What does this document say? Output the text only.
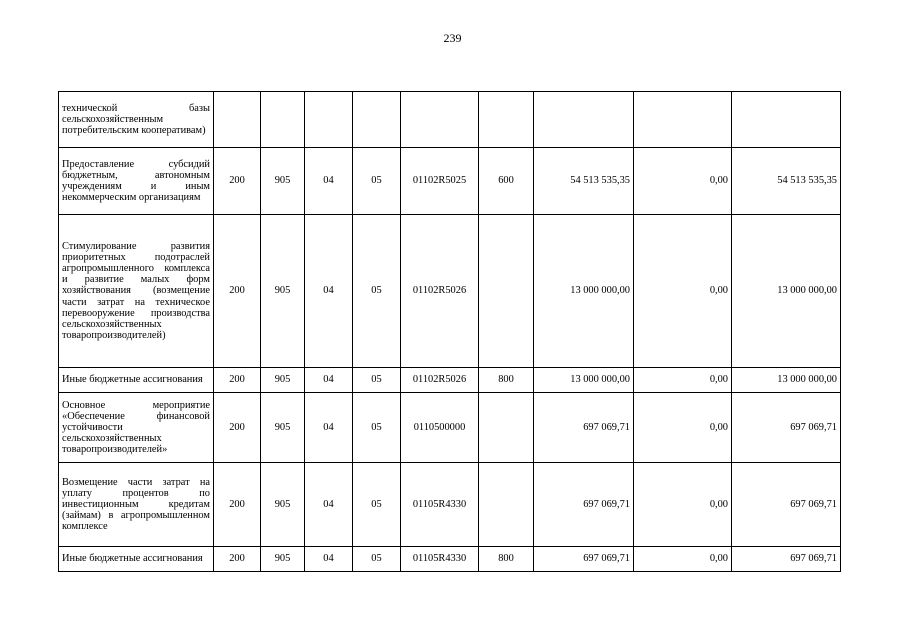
239
технической базы сельскохозяйственным потребительским кооперативам)									
Предоставление субсидий бюджетным, автономным учреждениям и иным некоммерческим организациям	200	905	04	05	01102R5025	600	54 513 535,35	0,00	54 513 535,35
Стимулирование развития приоритетных подотраслей агропромышленного комплекса и развитие малых форм хозяйствования (возмещение части затрат на техническое перевооружение производства сельскохозяйственных товаропроизводителей)	200	905	04	05	01102R5026		13 000 000,00	0,00	13 000 000,00
Иные бюджетные ассигнования	200	905	04	05	01102R5026	800	13 000 000,00	0,00	13 000 000,00
Основное мероприятие «Обеспечение финансовой устойчивости сельскохозяйственных товаропроизводителей»	200	905	04	05	0110500000		697 069,71	0,00	697 069,71
Возмещение части затрат на уплату процентов по инвестиционным кредитам (займам) в агропромышленном комплексе	200	905	04	05	01105R4330		697 069,71	0,00	697 069,71
Иные бюджетные ассигнования	200	905	04	05	01105R4330	800	697 069,71	0,00	697 069,71
